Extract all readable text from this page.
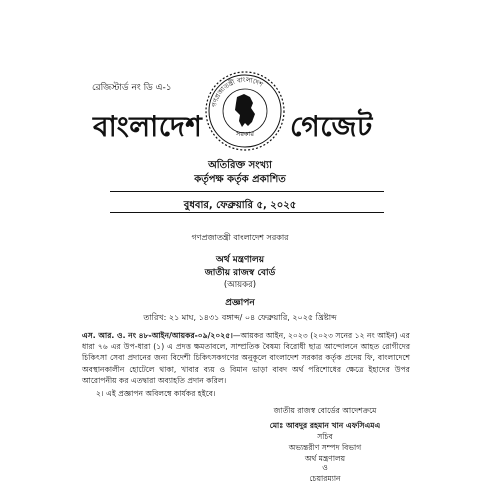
রেজিস্টার্ড নং ডি এ-১
বাংলাদেশ
গণপ্রজাতন্ত্রী বাংলাদেশ
সরকার গেজেট
অতিরিক্ত সংখ্যা
কর্তৃপক্ষ কর্তৃক প্রকাশিত
বুধবার, ফেব্রুয়ারি ৫, ২০২৫
গণপ্রজাতন্ত্রী বাংলাদেশ সরকার
অর্থ মন্ত্রণালয়
জাতীয় রাজস্ব বোর্ড
(আয়কর)
প্রজ্ঞাপন
তারিখ: ২১ মাঘ, ১৪৩১ বঙ্গাব্দ/ ০৪ ফেব্রুয়ারি, ২০২৫ খ্রিষ্টাব্দ
এস. আর. ও. নং ৪৮-আইন/আয়কর-০৯/২০২৫।—আয়কর আইন, ২০২৩ (২০২৩ সনের ১২ নং আইন) এর ধারা ৭৬ এর উপ-ধারা (১) এ প্রদত্ত ক্ষমতাবলে, সাম্প্রতিক বৈষম্য বিরোধী ছাত্র আন্দোলনে আহত রোগীদের চিকিৎসা সেবা প্রদানের জন্য বিদেশী চিকিৎসকগণের অনুকূলে বাংলাদেশ সরকার কর্তৃক প্রদেয় ফি, বাংলাদেশে অবস্থানকালীন হোটেলে থাকা, খাবার ব্যয় ও বিমান ভাড়া বাবদ অর্থ পরিশোধের ক্ষেত্রে ইহাদের উপর আরোপনীয় কর এতদ্বারা অব্যাহতি প্রদান করিল।
২। এই প্রজ্ঞাপন অবিলম্বে কার্যকর হইবে।
জাতীয় রাজস্ব বোর্ডের আদেশক্রমে
মোঃ আবদুর রহমান খান এফসিএমএ
সচিব
অভ্যন্তরীণ সম্পদ বিভাগ
অর্থ মন্ত্রণালয়
ও
চেয়ারম্যান
